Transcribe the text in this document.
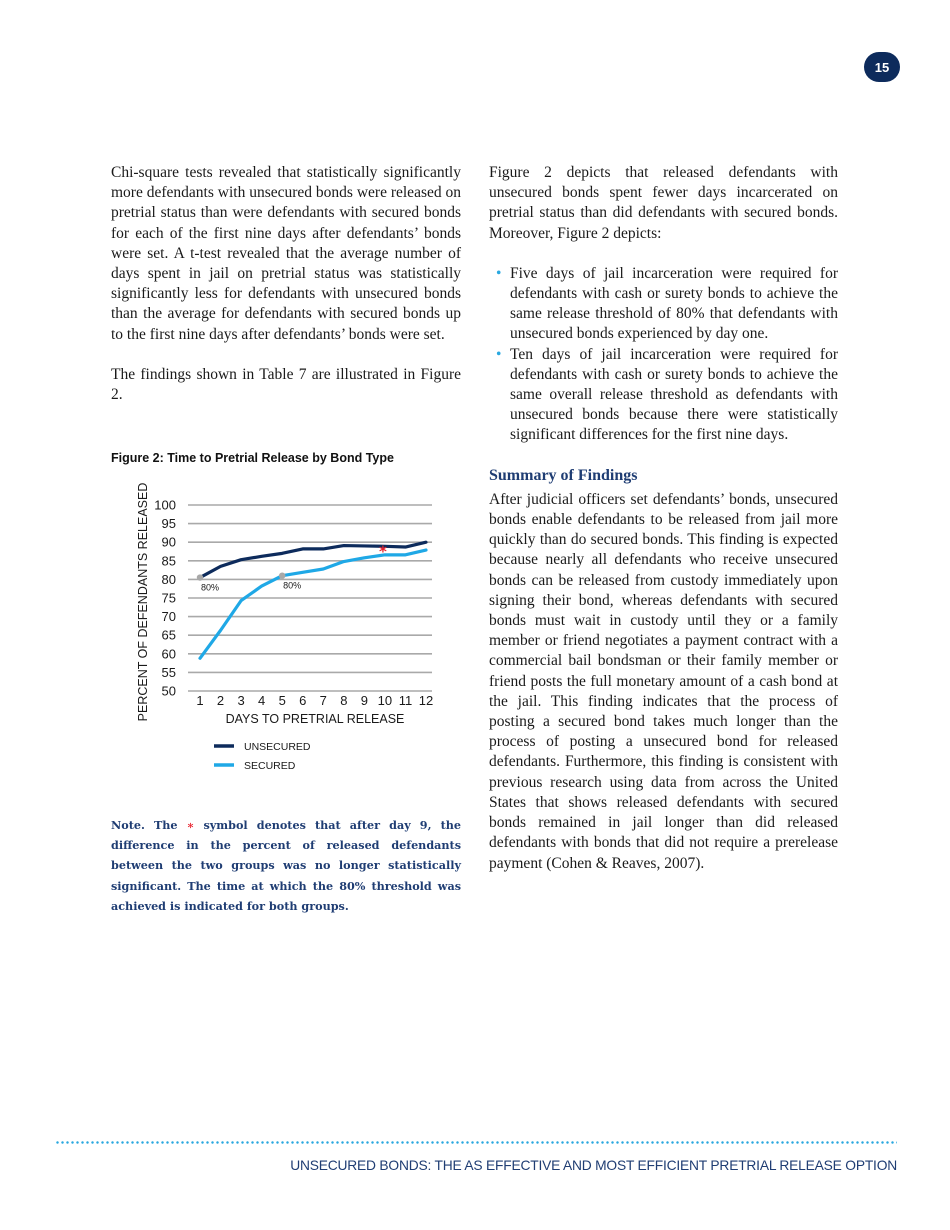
15

Chi-square tests revealed that statistically significantly more defendants with unsecured bonds were released on pretrial status than were defendants with secured bonds for each of the first nine days after defendants’ bonds were set. A t-test revealed that the average number of days spent in jail on pretrial status was statistically significantly less for defendants with unsecured bonds than the average for defendants with secured bonds up to the first nine days after defendants’ bonds were set.

The findings shown in Table 7 are illustrated in Figure 2.

Figure 2: Time to Pretrial Release by Bond Type
100
95
90
85
80
75
70
65
60
55
50
1 2 3 4 5 6 7 8 9 10 11 12
80%	80%
*
PERCENT OF DEFENDANTS RELEASED	DAYS TO PRETRIAL RELEASE
UNSECURED
SECURED
Note. The ∗ symbol denotes that after day 9, the difference in the percent of released defendants between the two groups was no longer statistically significant. The time at which the 80% threshold was achieved is indicated for both groups.

Figure 2 depicts that released defendants with unsecured bonds spent fewer days incarcerated on pretrial status than did defendants with secured bonds. Moreover, Figure 2 depicts:

• Five days of jail incarceration were required for defendants with cash or surety bonds to achieve the same release threshold of 80% that defendants with unsecured bonds experienced by day one.
• Ten days of jail incarceration were required for defendants with cash or surety bonds to achieve the same overall release threshold as defendants with unsecured bonds because there were statistically significant differences for the first nine days.
Summary of Findings

After judicial officers set defendants’ bonds, unsecured bonds enable defendants to be released from jail more quickly than do secured bonds. This finding is expected because nearly all defendants who receive unsecured bonds can be released from custody immediately upon signing their bond, whereas defendants with secured bonds must wait in custody until they or a family member or friend negotiates a payment contract with a commercial bail bondsman or their family member or friend posts the full monetary amount of a cash bond at the jail. This finding indicates that the process of posting a secured bond takes much longer than the process of posting a unsecured bond for released defendants. Furthermore, this finding is consistent with previous research using data from across the United States that shows released defendants with secured bonds remained in jail longer than did released defendants with bonds that did not require a prerelease payment (Cohen & Reaves, 2007).

UNSECURED BONDS: THE AS EFFECTIVE AND MOST EFFICIENT PRETRIAL RELEASE OPTION
